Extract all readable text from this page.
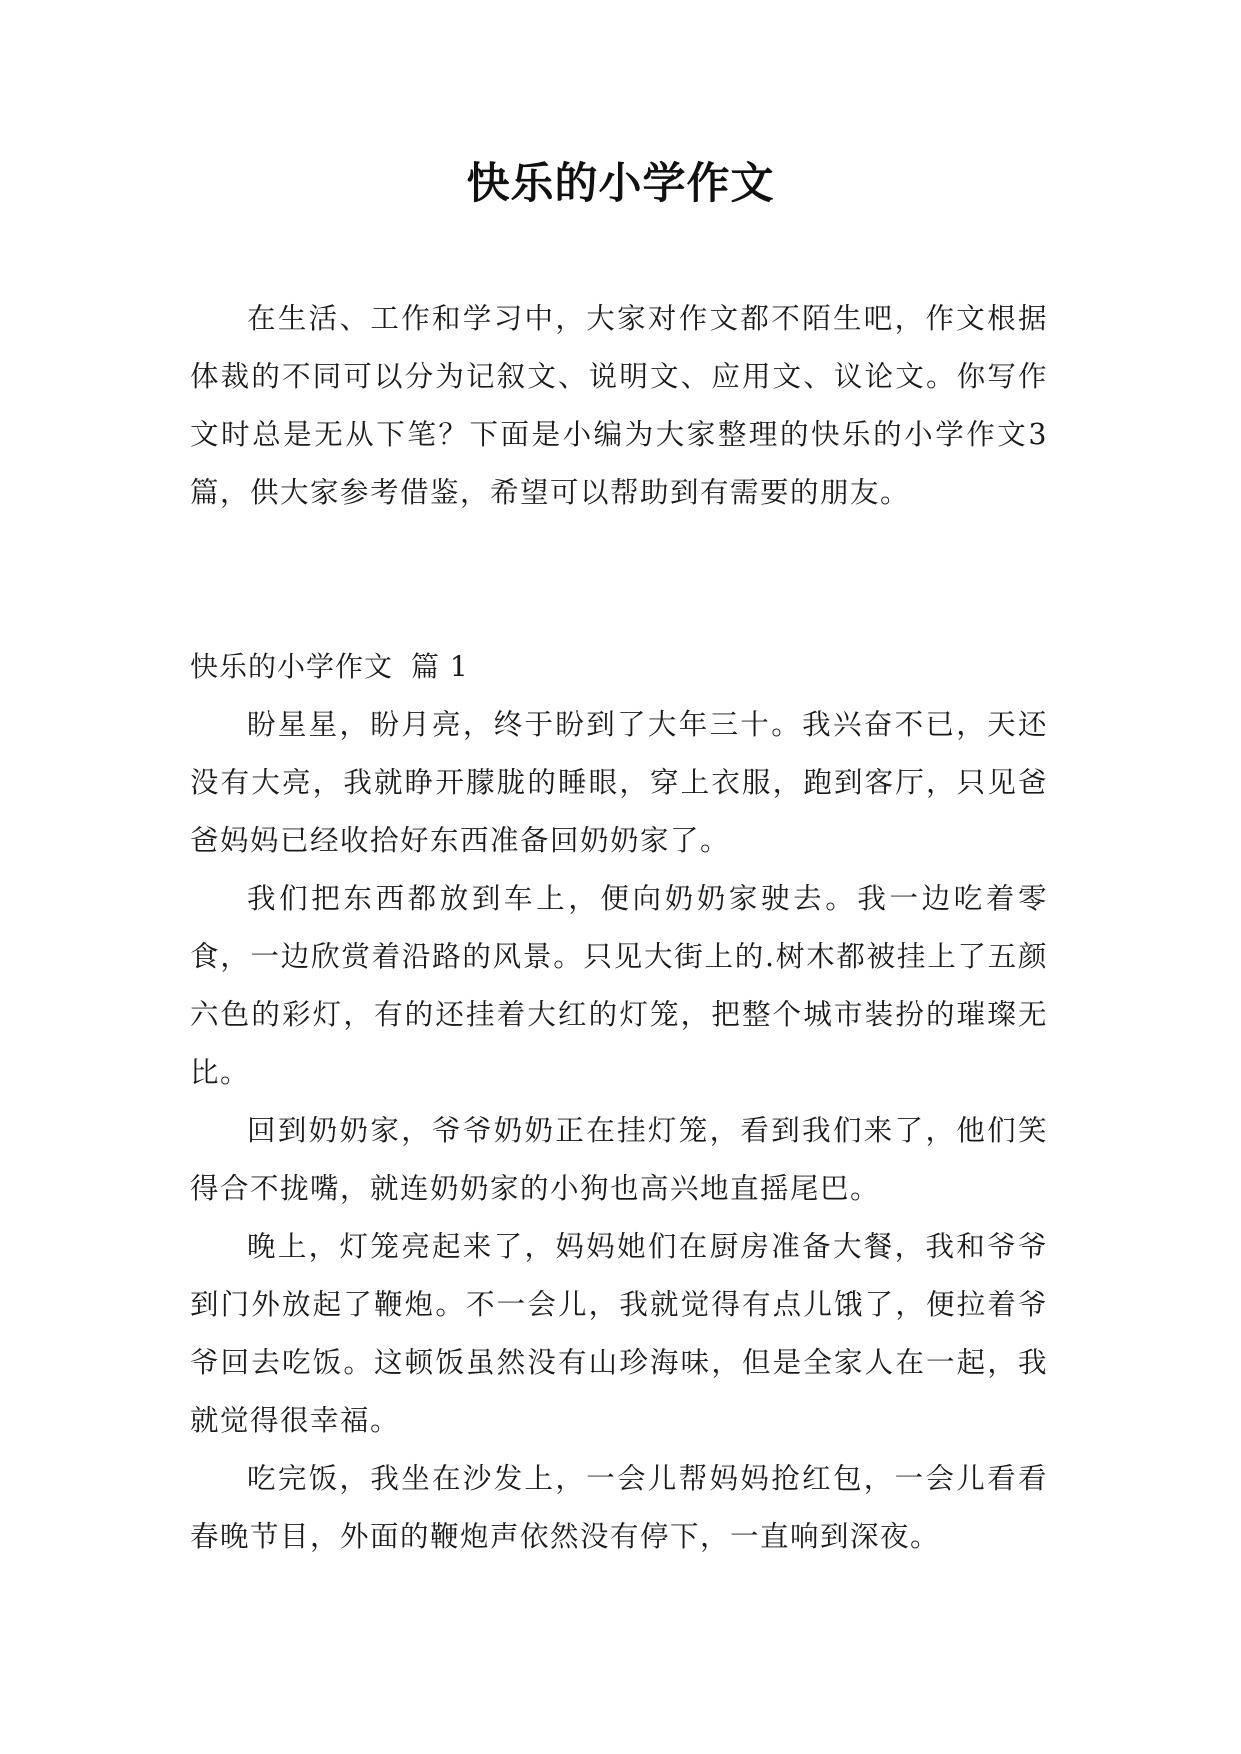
快乐的小学作文

在生活、工作和学习中，大家对作文都不陌生吧，作文根据体裁的不同可以分为记叙文、说明文、应用文、议论文。你写作文时总是无从下笔？下面是小编为大家整理的快乐的小学作文3篇，供大家参考借鉴，希望可以帮助到有需要的朋友。

快乐的小学作文 篇 1

盼星星，盼月亮，终于盼到了大年三十。我兴奋不已，天还没有大亮，我就睁开朦胧的睡眼，穿上衣服，跑到客厅，只见爸爸妈妈已经收拾好东西准备回奶奶家了。

我们把东西都放到车上，便向奶奶家驶去。我一边吃着零食，一边欣赏着沿路的风景。只见大街上的.树木都被挂上了五颜六色的彩灯，有的还挂着大红的灯笼，把整个城市装扮的璀璨无比。

回到奶奶家，爷爷奶奶正在挂灯笼，看到我们来了，他们笑得合不拢嘴，就连奶奶家的小狗也高兴地直摇尾巴。

晚上，灯笼亮起来了，妈妈她们在厨房准备大餐，我和爷爷到门外放起了鞭炮。不一会儿，我就觉得有点儿饿了，便拉着爷爷回去吃饭。这顿饭虽然没有山珍海味，但是全家人在一起，我就觉得很幸福。

吃完饭，我坐在沙发上，一会儿帮妈妈抢红包，一会儿看看春晚节目，外面的鞭炮声依然没有停下，一直响到深夜。
